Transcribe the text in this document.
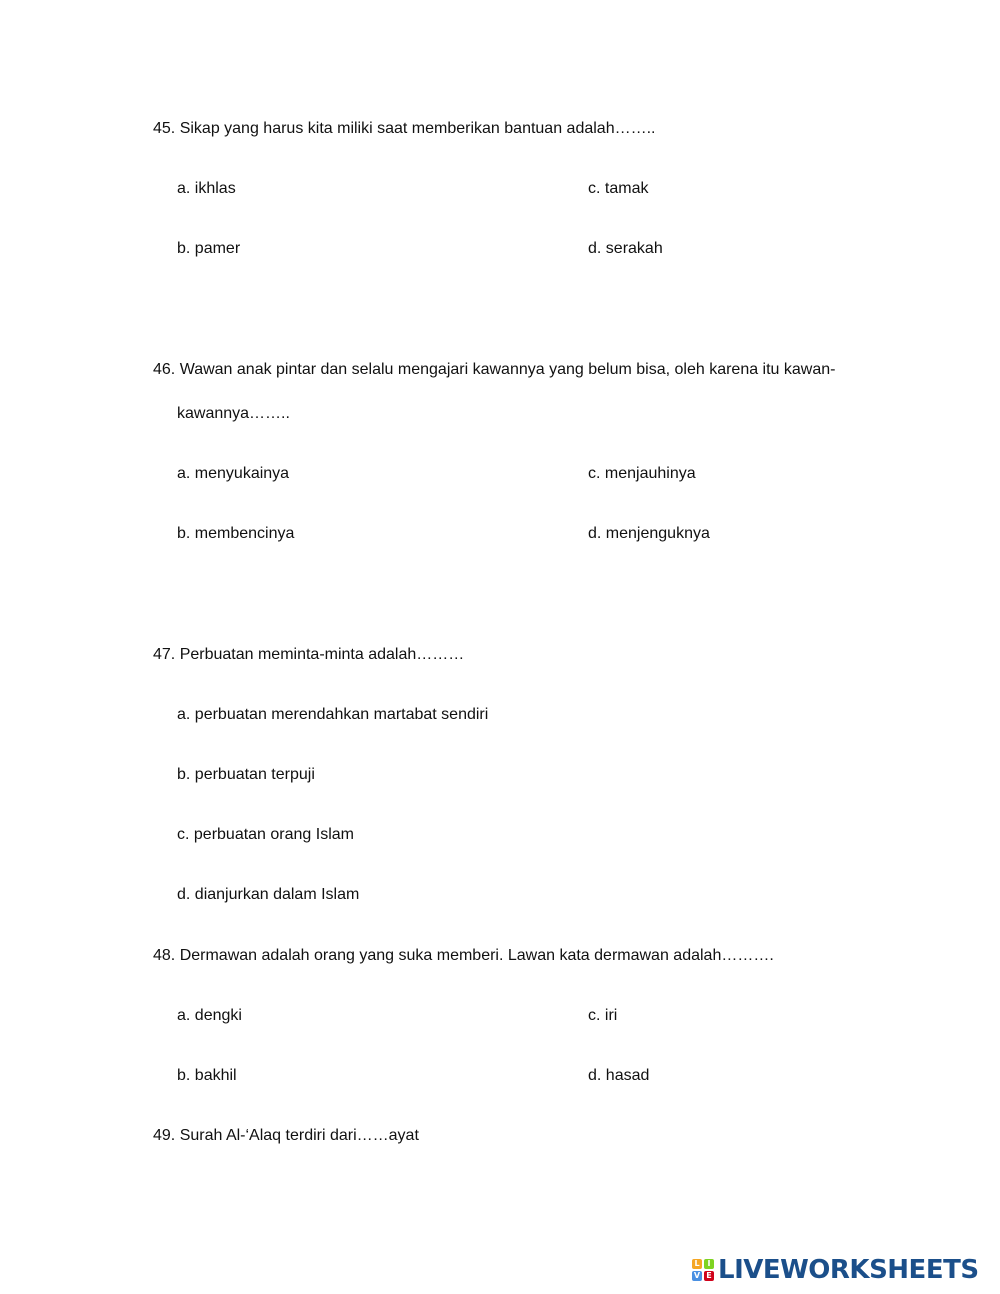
45. Sikap yang harus kita miliki saat memberikan bantuan adalah……..
a. ikhlas	c. tamak
b. pamer	d. serakah
46. Wawan anak pintar dan selalu mengajari kawannya yang belum bisa, oleh karena itu kawan-
kawannya……..
a. menyukainya	c. menjauhinya
b. membencinya	d. menjenguknya
47. Perbuatan meminta-minta adalah………
a. perbuatan merendahkan martabat sendiri
b. perbuatan terpuji
c. perbuatan orang Islam
d. dianjurkan dalam Islam
48. Dermawan adalah orang yang suka memberi. Lawan kata dermawan adalah……….
a. dengki	c. iri
b. bakhil	d. hasad
49. Surah Al-‘Alaq terdiri dari……ayat
L I
V E LIVEWORKSHEETS
